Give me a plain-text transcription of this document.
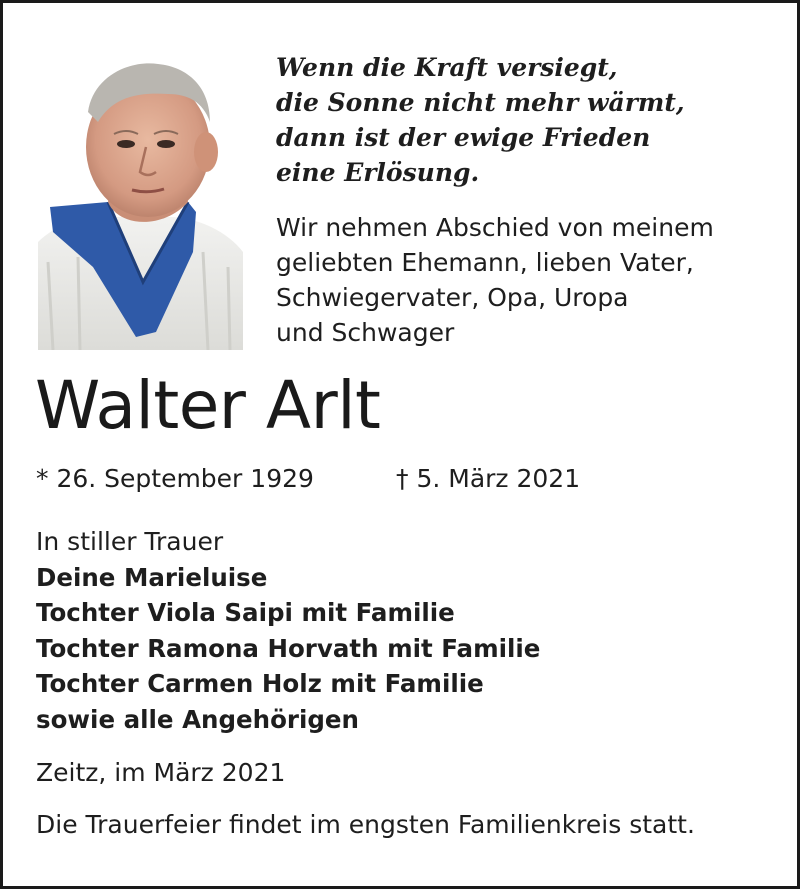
Wenn die Kraft versiegt,
die Sonne nicht mehr wärmt,
dann ist der ewige Frieden
eine Erlösung.
Wir nehmen Abschied von meinem
geliebten Ehemann, lieben Vater,
Schwiegervater, Opa, Uropa
und Schwager
Walter Arlt
* 26. September 1929	† 5. März 2021
In stiller Trauer
Deine Marieluise
Tochter Viola Saipi mit Familie
Tochter Ramona Horvath mit Familie
Tochter Carmen Holz mit Familie
sowie alle Angehörigen
Zeitz, im März 2021
Die Trauerfeier findet im engsten Familienkreis statt.
